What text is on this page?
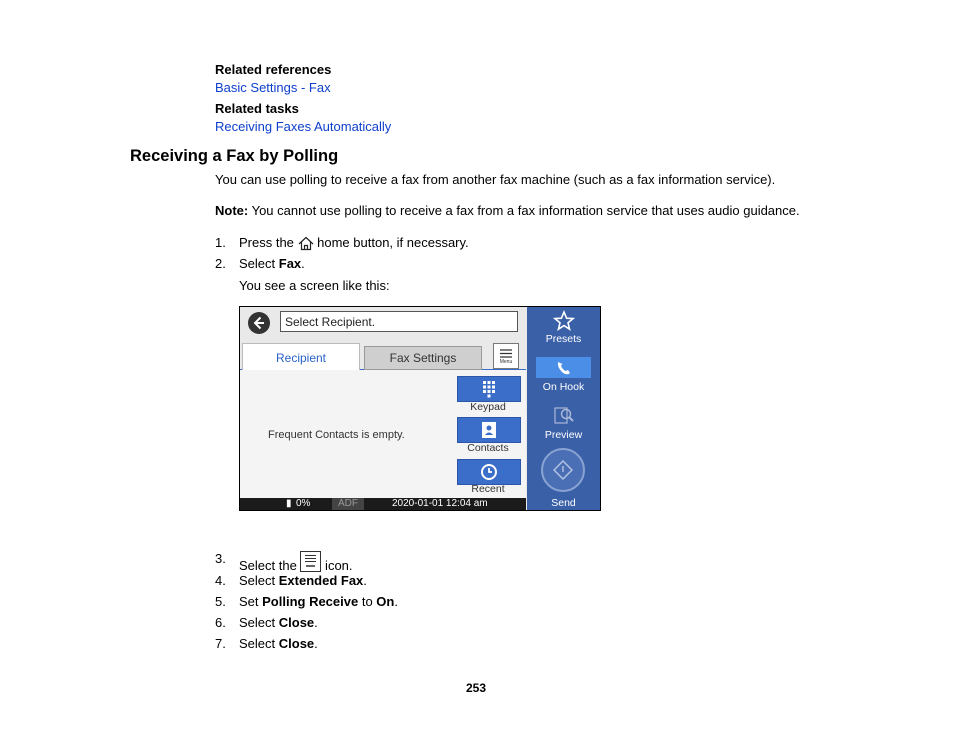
Related references
Basic Settings - Fax
Related tasks
Receiving Faxes Automatically
Receiving a Fax by Polling
You can use polling to receive a fax from another fax machine (such as a fax information service).
Note: You cannot use polling to receive a fax from a fax information service that uses audio guidance.
1. Press the  home button, if necessary.
2. Select Fax.
You see a screen like this:
Select Recipient.
Recipient	Fax Settings	Menu
Frequent Contacts is empty.
Keypad
Contacts
Recent
▮ 0%	ADF	2020-01-01 12:04 am
Presets
On Hook
Preview
Send
3. Select the  icon.
4. Select Extended Fax.
5. Set Polling Receive to On.
6. Select Close.
7. Select Close.
253
